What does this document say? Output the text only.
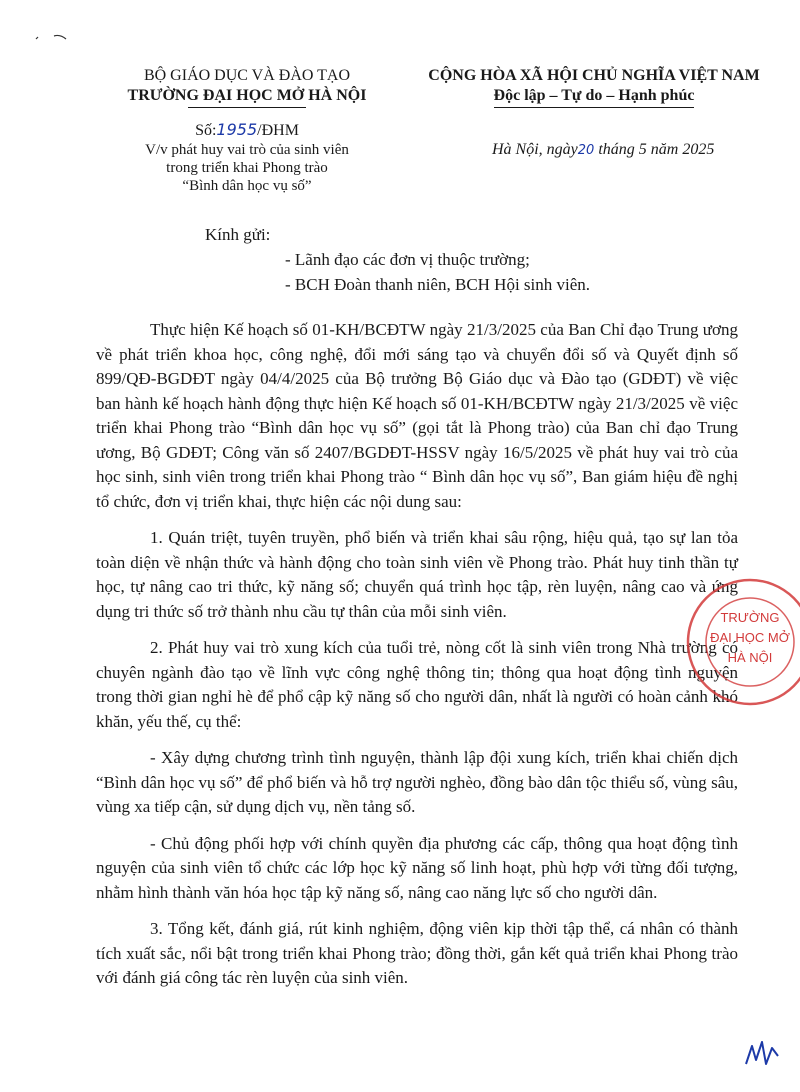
BỘ GIÁO DỤC VÀ ĐÀO TẠO
TRƯỜNG ĐẠI HỌC MỞ HÀ NỘI
Số:1955/ĐHM
V/v phát huy vai trò của sinh viên
trong triển khai Phong trào
“Bình dân học vụ số”
CỘNG HÒA XÃ HỘI CHỦ NGHĨA VIỆT NAM
Độc lập – Tự do – Hạnh phúc
Hà Nội, ngày20 tháng 5 năm 2025
Kính gửi:
- Lãnh đạo các đơn vị thuộc trường;
- BCH Đoàn thanh niên, BCH Hội sinh viên.

Thực hiện Kế hoạch số 01-KH/BCĐTW ngày 21/3/2025 của Ban Chỉ đạo Trung ương về phát triển khoa học, công nghệ, đổi mới sáng tạo và chuyển đổi số và Quyết định số 899/QĐ-BGDĐT ngày 04/4/2025 của Bộ trưởng Bộ Giáo dục và Đào tạo (GDĐT) về việc ban hành kế hoạch hành động thực hiện Kế hoạch số 01-KH/BCĐTW ngày 21/3/2025 về việc triển khai Phong trào “Bình dân học vụ số” (gọi tắt là Phong trào) của Ban chỉ đạo Trung ương, Bộ GDĐT; Công văn số 2407/BGDĐT-HSSV ngày 16/5/2025 về phát huy vai trò của học sinh, sinh viên trong triển khai Phong trào “ Bình dân học vụ số”, Ban giám hiệu đề nghị tổ chức, đơn vị triển khai, thực hiện các nội dung sau:

1. Quán triệt, tuyên truyền, phổ biến và triển khai sâu rộng, hiệu quả, tạo sự lan tỏa toàn diện về nhận thức và hành động cho toàn sinh viên về Phong trào. Phát huy tinh thần tự học, tự nâng cao tri thức, kỹ năng số; chuyển quá trình học tập, rèn luyện, nâng cao và ứng dụng tri thức số trở thành nhu cầu tự thân của mỗi sinh viên.

2. Phát huy vai trò xung kích của tuổi trẻ, nòng cốt là sinh viên trong Nhà trường có chuyên ngành đào tạo về lĩnh vực công nghệ thông tin; thông qua hoạt động tình nguyện trong thời gian nghỉ hè để phổ cập kỹ năng số cho người dân, nhất là người có hoàn cảnh khó khăn, yếu thế, cụ thể:

- Xây dựng chương trình tình nguyện, thành lập đội xung kích, triển khai chiến dịch “Bình dân học vụ số” để phổ biến và hỗ trợ người nghèo, đồng bào dân tộc thiểu số, vùng sâu, vùng xa tiếp cận, sử dụng dịch vụ, nền tảng số.

- Chủ động phối hợp với chính quyền địa phương các cấp, thông qua hoạt động tình nguyện của sinh viên tổ chức các lớp học kỹ năng số linh hoạt, phù hợp với từng đối tượng, nhằm hình thành văn hóa học tập kỹ năng số, nâng cao năng lực số cho người dân.

3. Tổng kết, đánh giá, rút kinh nghiệm, động viên kịp thời tập thể, cá nhân có thành tích xuất sắc, nổi bật trong triển khai Phong trào; đồng thời, gắn kết quả triển khai Phong trào với đánh giá công tác rèn luyện của sinh viên.

TRƯỜNG
ĐẠI HỌC MỞ
HÀ NỘI
